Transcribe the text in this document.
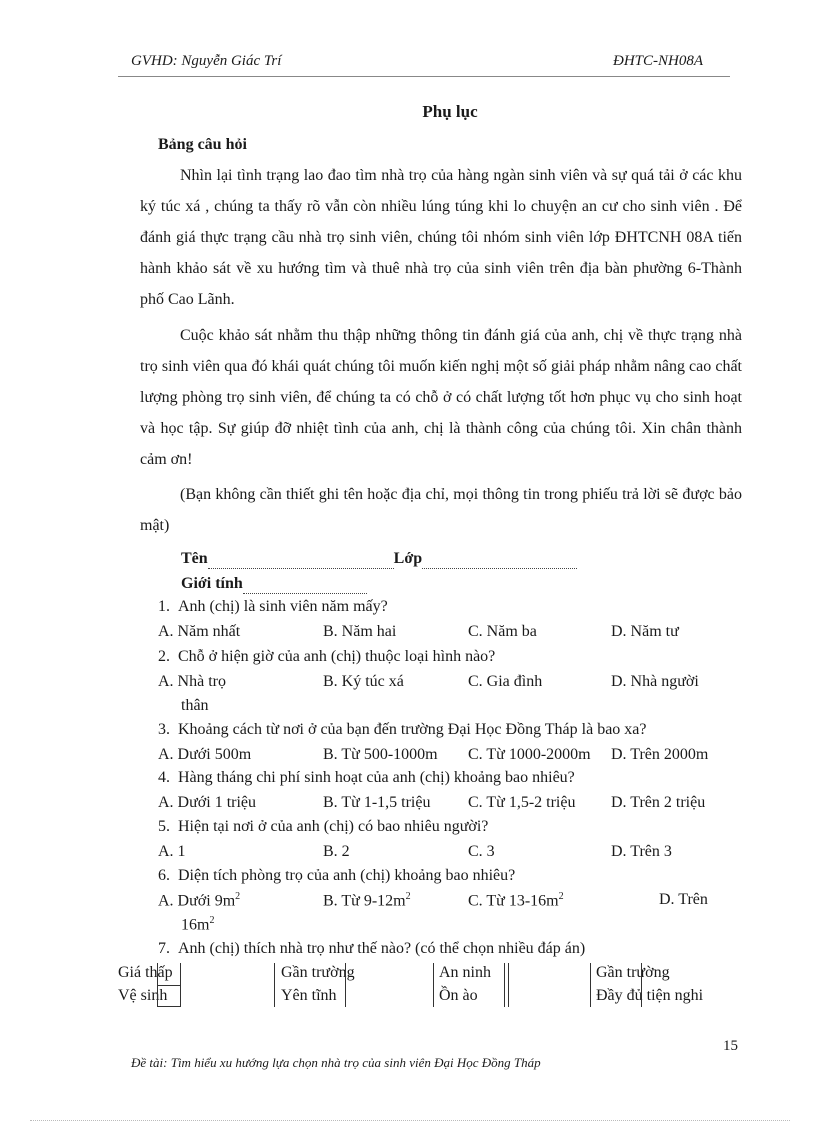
GVHD: Nguyễn Giác Trí	ĐHTC-NH08A
Phụ lục
Bảng câu hỏi

Nhìn lại tình trạng lao đao tìm nhà trọ của hàng ngàn sinh viên và sự quá tải ở các khu ký túc xá , chúng ta thấy rõ vẫn còn nhiều lúng túng khi lo chuyện an cư cho sinh viên . Để đánh giá thực trạng cầu nhà trọ sinh viên, chúng tôi nhóm sinh viên lớp ĐHTCNH 08A tiến hành khảo sát về xu hướng tìm và thuê nhà trọ của sinh viên trên địa bàn phường 6-Thành phố Cao Lãnh.

Cuộc khảo sát nhằm thu thập những thông tin đánh giá của anh, chị về thực trạng nhà trọ sinh viên qua đó khái quát chúng tôi muốn kiến nghị một số giải pháp nhằm nâng cao chất lượng phòng trọ sinh viên, để chúng ta có chỗ ở có chất lượng tốt hơn phục vụ cho sinh hoạt và học tập. Sự giúp đỡ nhiệt tình của anh, chị là thành công của chúng tôi. Xin chân thành cảm ơn!

(Bạn không cần thiết ghi tên hoặc địa chỉ, mọi thông tin trong phiếu trả lời sẽ được bảo mật)

Tên	Lớp
Giới tính
1. Anh (chị) là sinh viên năm mấy?
A. Năm nhất	B. Năm hai	C. Năm ba	D. Năm tư
2. Chỗ ở hiện giờ của anh (chị) thuộc loại hình nào?
A. Nhà trọ	B. Ký túc xá	C. Gia đình	D. Nhà người
thân
3. Khoảng cách từ nơi ở của bạn đến trường Đại Học Đồng Tháp là bao xa?
A. Dưới 500m	B. Từ 500-1000m C. Từ 1000-2000m D. Trên 2000m
4. Hàng tháng chi phí sinh hoạt của anh (chị) khoảng bao nhiêu?
A. Dưới 1 triệu	B. Từ 1-1,5 triệu C. Từ 1,5-2 triệu D. Trên 2 triệu
5. Hiện tại nơi ở của anh (chị) có bao nhiêu người?
A. 1	B. 2	C. 3	D. Trên 3
6. Diện tích phòng trọ của anh (chị) khoảng bao nhiêu?
A. Dưới $9m^2$	B. Từ $9-12m^2$	C. Từ $13-16m^2$	D. Trên
$16m^2$
7. Anh (chị) thích nhà trọ như thế nào? (có thể chọn nhiều đáp án)
Giá thấp	Gần trường	An ninh	Gần trường
Vệ sinh	Yên tĩnh	Ồn ào	Đầy đủ tiện nghi
15
Đề tài: Tìm hiểu xu hướng lựa chọn nhà trọ của sinh viên Đại Học Đồng Tháp
